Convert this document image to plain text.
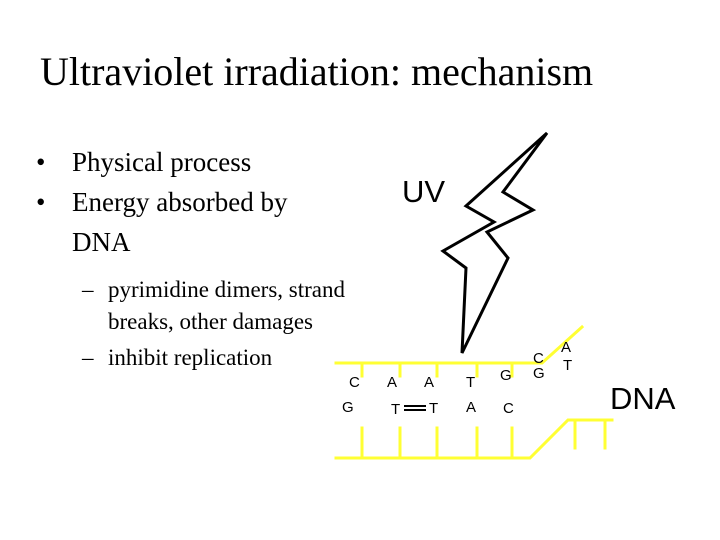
Ultraviolet irradiation: mechanism
• Physical process
• Energy absorbed by DNA
– pyrimidine dimers, strand breaks, other damages
– inhibit replication
UV
C A A T G
G T T A C
C
A
G T
DNA
